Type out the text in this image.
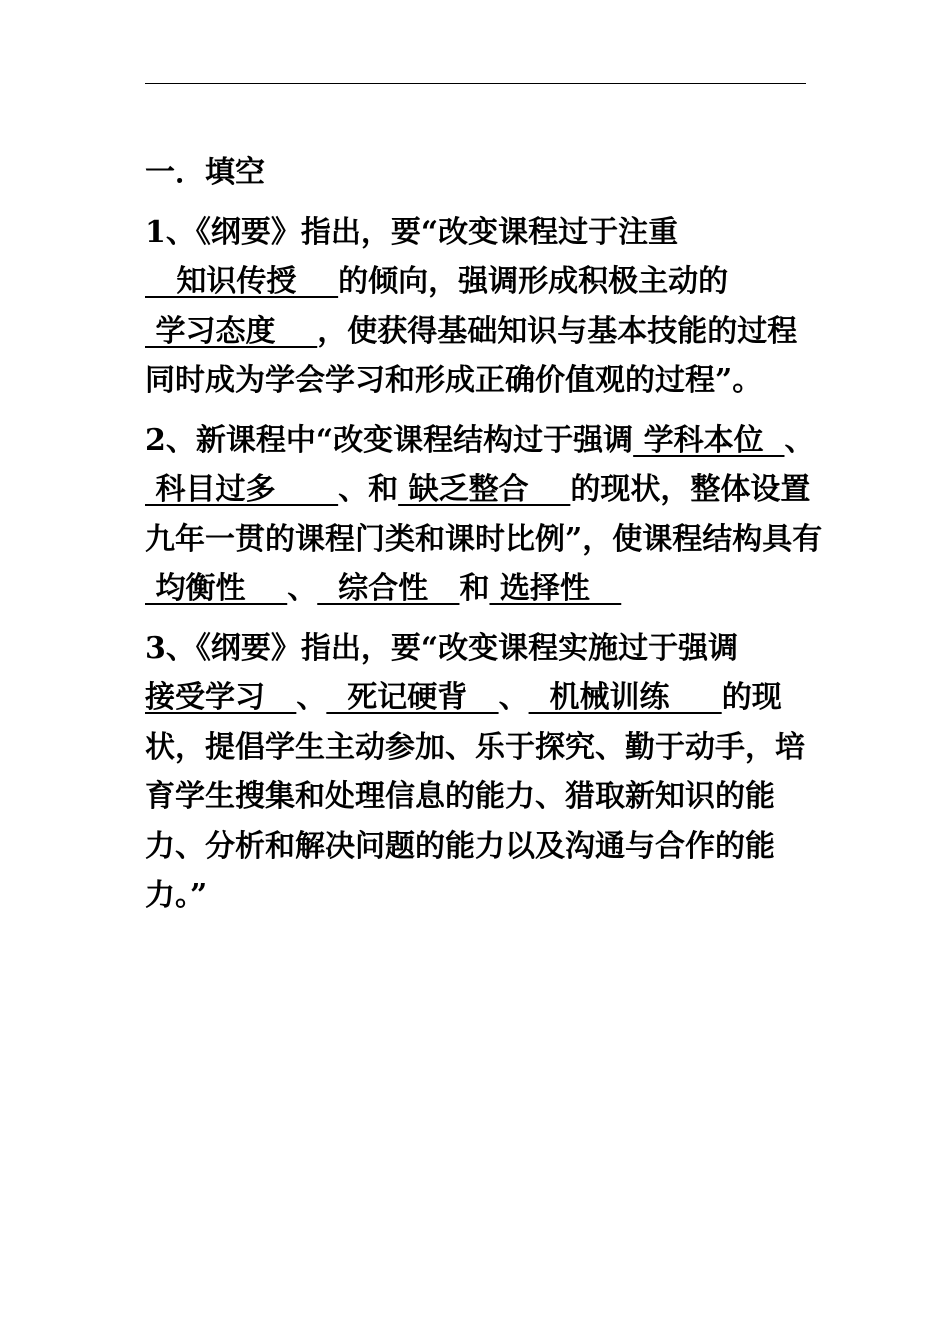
一．填空
1、《纲要》指出，要“改变课程过于注重   知识传授    的倾向，强调形成积极主动的 学习态度    ，使获得基础知识与基本技能的过程同时成为学会学习和形成正确价值观的过程”。
2、新课程中“改变课程结构过于强调 学科本位  、 科目过多      、和 缺乏整合    的现状，整体设置九年一贯的课程门类和课时比例”，使课程结构具有 均衡性    、  综合性   和 选择性
3、《纲要》指出，要“改变课程实施过于强调接受学习   、  死记硬背   、  机械训练     的现状，提倡学生主动参加、乐于探究、勤于动手，培育学生搜集和处理信息的能力、猎取新知识的能力、分析和解决问题的能力以及沟通与合作的能力。”
